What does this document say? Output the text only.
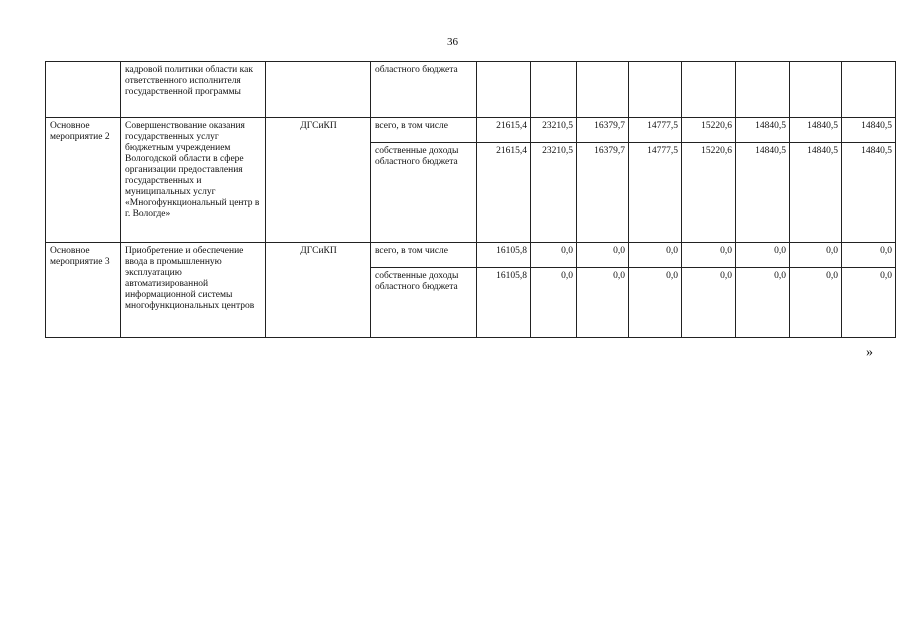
36
	кадровой политики области как ответственного исполнителя государственной программы		областного бюджета								
Основное мероприятие 2	Совершенствование оказания государственных услуг бюджетным учреждением Вологодской области в сфере организации предоставления государственных и муниципальных услуг «Многофункциональный центр в г. Вологде»	ДГСиКП	всего, в том числе	21615,4	23210,5	16379,7	14777,5	15220,6	14840,5	14840,5	14840,5
			собственные доходы областного бюджета	21615,4	23210,5	16379,7	14777,5	15220,6	14840,5	14840,5	14840,5
Основное мероприятие 3	Приобретение и обеспечение ввода в промышленную эксплуатацию автоматизированной информационной системы многофункциональных центров	ДГСиКП	всего, в том числе	16105,8	0,0	0,0	0,0	0,0	0,0	0,0	0,0
			собственные доходы областного бюджета	16105,8	0,0	0,0	0,0	0,0	0,0	0,0	0,0
»
